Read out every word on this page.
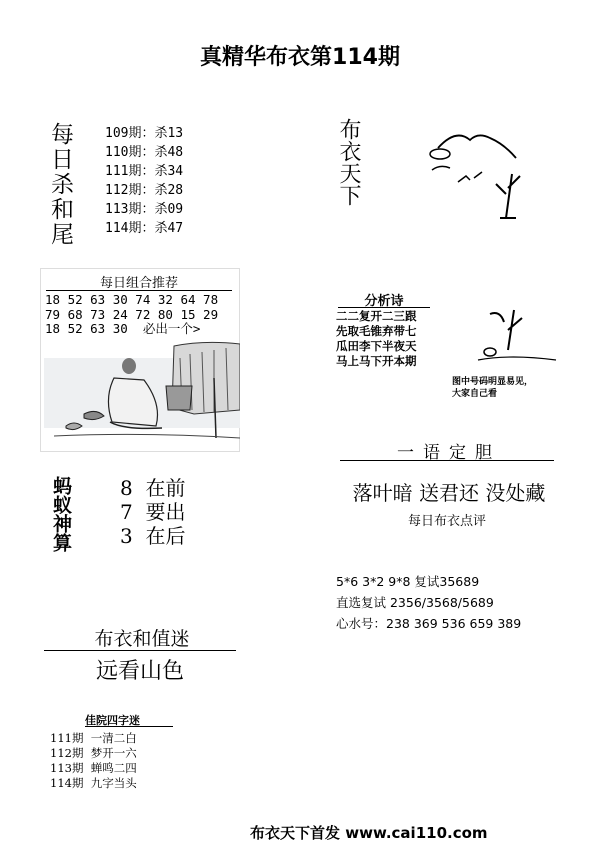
真精华布衣第114期
每日杀和尾 109期：杀13
110期：杀48
111期：杀34
112期：杀28
113期：杀09
114期：杀47
每日组合推荐
18 52 63 30 74 32 64 78
79 68 73 24 72 80 15 29
18 52 63 30  必出一个>
蚂蚁神算 8  在前
7  要出
3  在后
布衣天下
分析诗
二二复开二三跟
先取毛锥弃带七
瓜田李下半夜天
马上马下开本期
图中号码明显易见，
大家自己看
一语定胆
落叶暗 送君还 没处藏
每日布衣点评
5*6 3*2 9*8 复试35689
直选复试 2356/3568/5689
心水号：238 369 536 659 389
布衣和值迷
远看山色
佳院四字迷
111期  一清二白
112期  梦开一六
113期  蝉鸣二四
114期  九字当头
布衣天下首发 www.cai110.com
